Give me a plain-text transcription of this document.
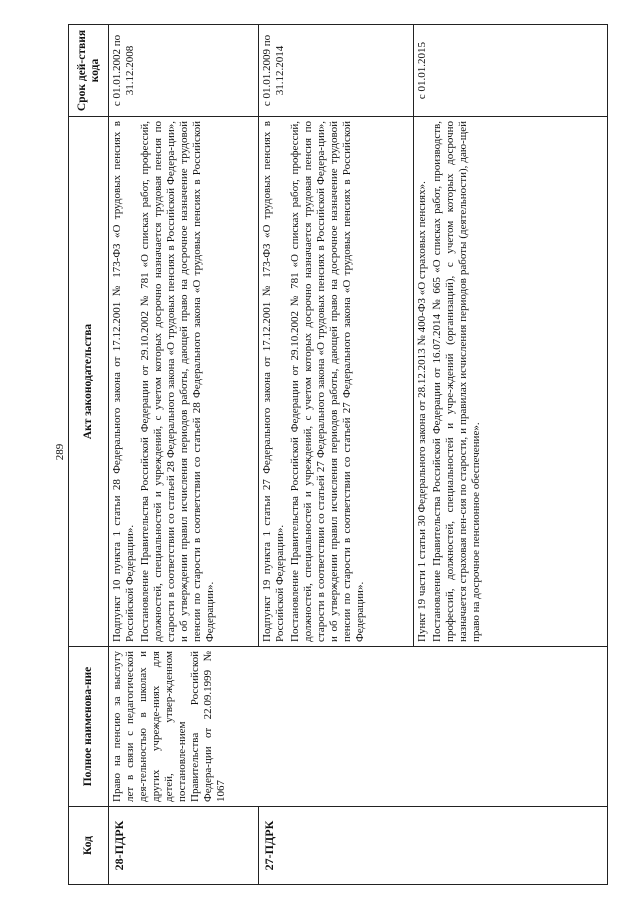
289
Код	Полное наименова-ние	Акт законодательства	Срок дей-ствия кода
28-ПДРК	Право на пенсию за выслугу лет в связи с педагогической дея-тельностью в школах и других учрежде-ниях для детей, утвер-жденном постановле-нием Правительства Российской Федера-ции от 22.09.1999 № 1067	Подпункт 10 пункта 1 статьи 28 Федерального закона от 17.12.2001 № 173-ФЗ «О трудовых пенсиях в Российской Федерации». Постановление Правительства Российской Федерации от 29.10.2002 № 781 «О списках работ, профессий, должностей, специальностей и учреждений, с учетом которых досрочно назначается трудовая пенсия по старости в соответствии со статьей 28 Федерального закона «О трудовых пенсиях в Российской Федера-ции», и об утверждении правил исчисления периодов работы, дающей право на досрочное назначение трудовой пенсии по старости в соответствии со статьей 28 Федерального закона «О трудовых пенсиях в Российской Федерации».	с 01.01.2002 по 31.12.2008
27-ПДРК		Подпункт 19 пункта 1 статьи 27 Федерального закона от 17.12.2001 № 173-ФЗ «О трудовых пенсиях в Российской Федерации». Постановление Правительства Российской Федерации от 29.10.2002 № 781 «О списках работ, профессий, должностей, специальностей и учреждений, с учетом которых досрочно назначается трудовая пенсия по старости в соответствии со статьей 27 Федерального закона «О трудовых пенсиях в Российской Федера-ции», и об утверждении правил исчисления периодов работы, дающей право на досрочное назначение трудовой пенсии по старости в соответствии со статьей 27 Федерального закона «О трудовых пенсиях в Российской Федерации».	с 01.01.2009 по 31.12.2014

		Пункт 19 части 1 статьи 30 Федерального закона от 28.12.2013 № 400-ФЗ «О страховых пенсиях». Постановление Правительства Российской Федерации от 16.07.2014 № 665 «О списках работ, производств, профессий, должностей, специальностей и учре-ждений (организаций), с учетом которых досрочно назначается страховая пен-сия по старости, и правилах исчисления периодов работы (деятельности), даю-щей право на досрочное пенсионное обеспечение».	с 01.01.2015
